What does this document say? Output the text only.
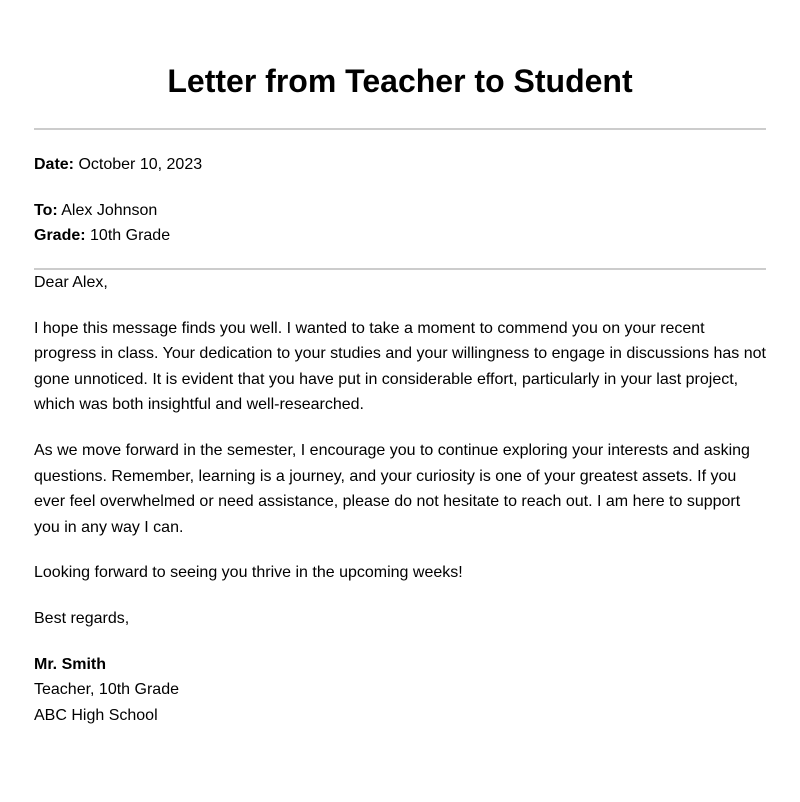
Letter from Teacher to Student
Date: October 10, 2023
To: Alex Johnson
Grade: 10th Grade

Dear Alex,

I hope this message finds you well. I wanted to take a moment to commend you on your recent progress in class. Your dedication to your studies and your willingness to engage in discussions has not gone unnoticed. It is evident that you have put in considerable effort, particularly in your last project, which was both insightful and well-researched.

As we move forward in the semester, I encourage you to continue exploring your interests and asking questions. Remember, learning is a journey, and your curiosity is one of your greatest assets. If you ever feel overwhelmed or need assistance, please do not hesitate to reach out. I am here to support you in any way I can.

Looking forward to seeing you thrive in the upcoming weeks!

Best regards,

Mr. Smith
Teacher, 10th Grade
ABC High School
